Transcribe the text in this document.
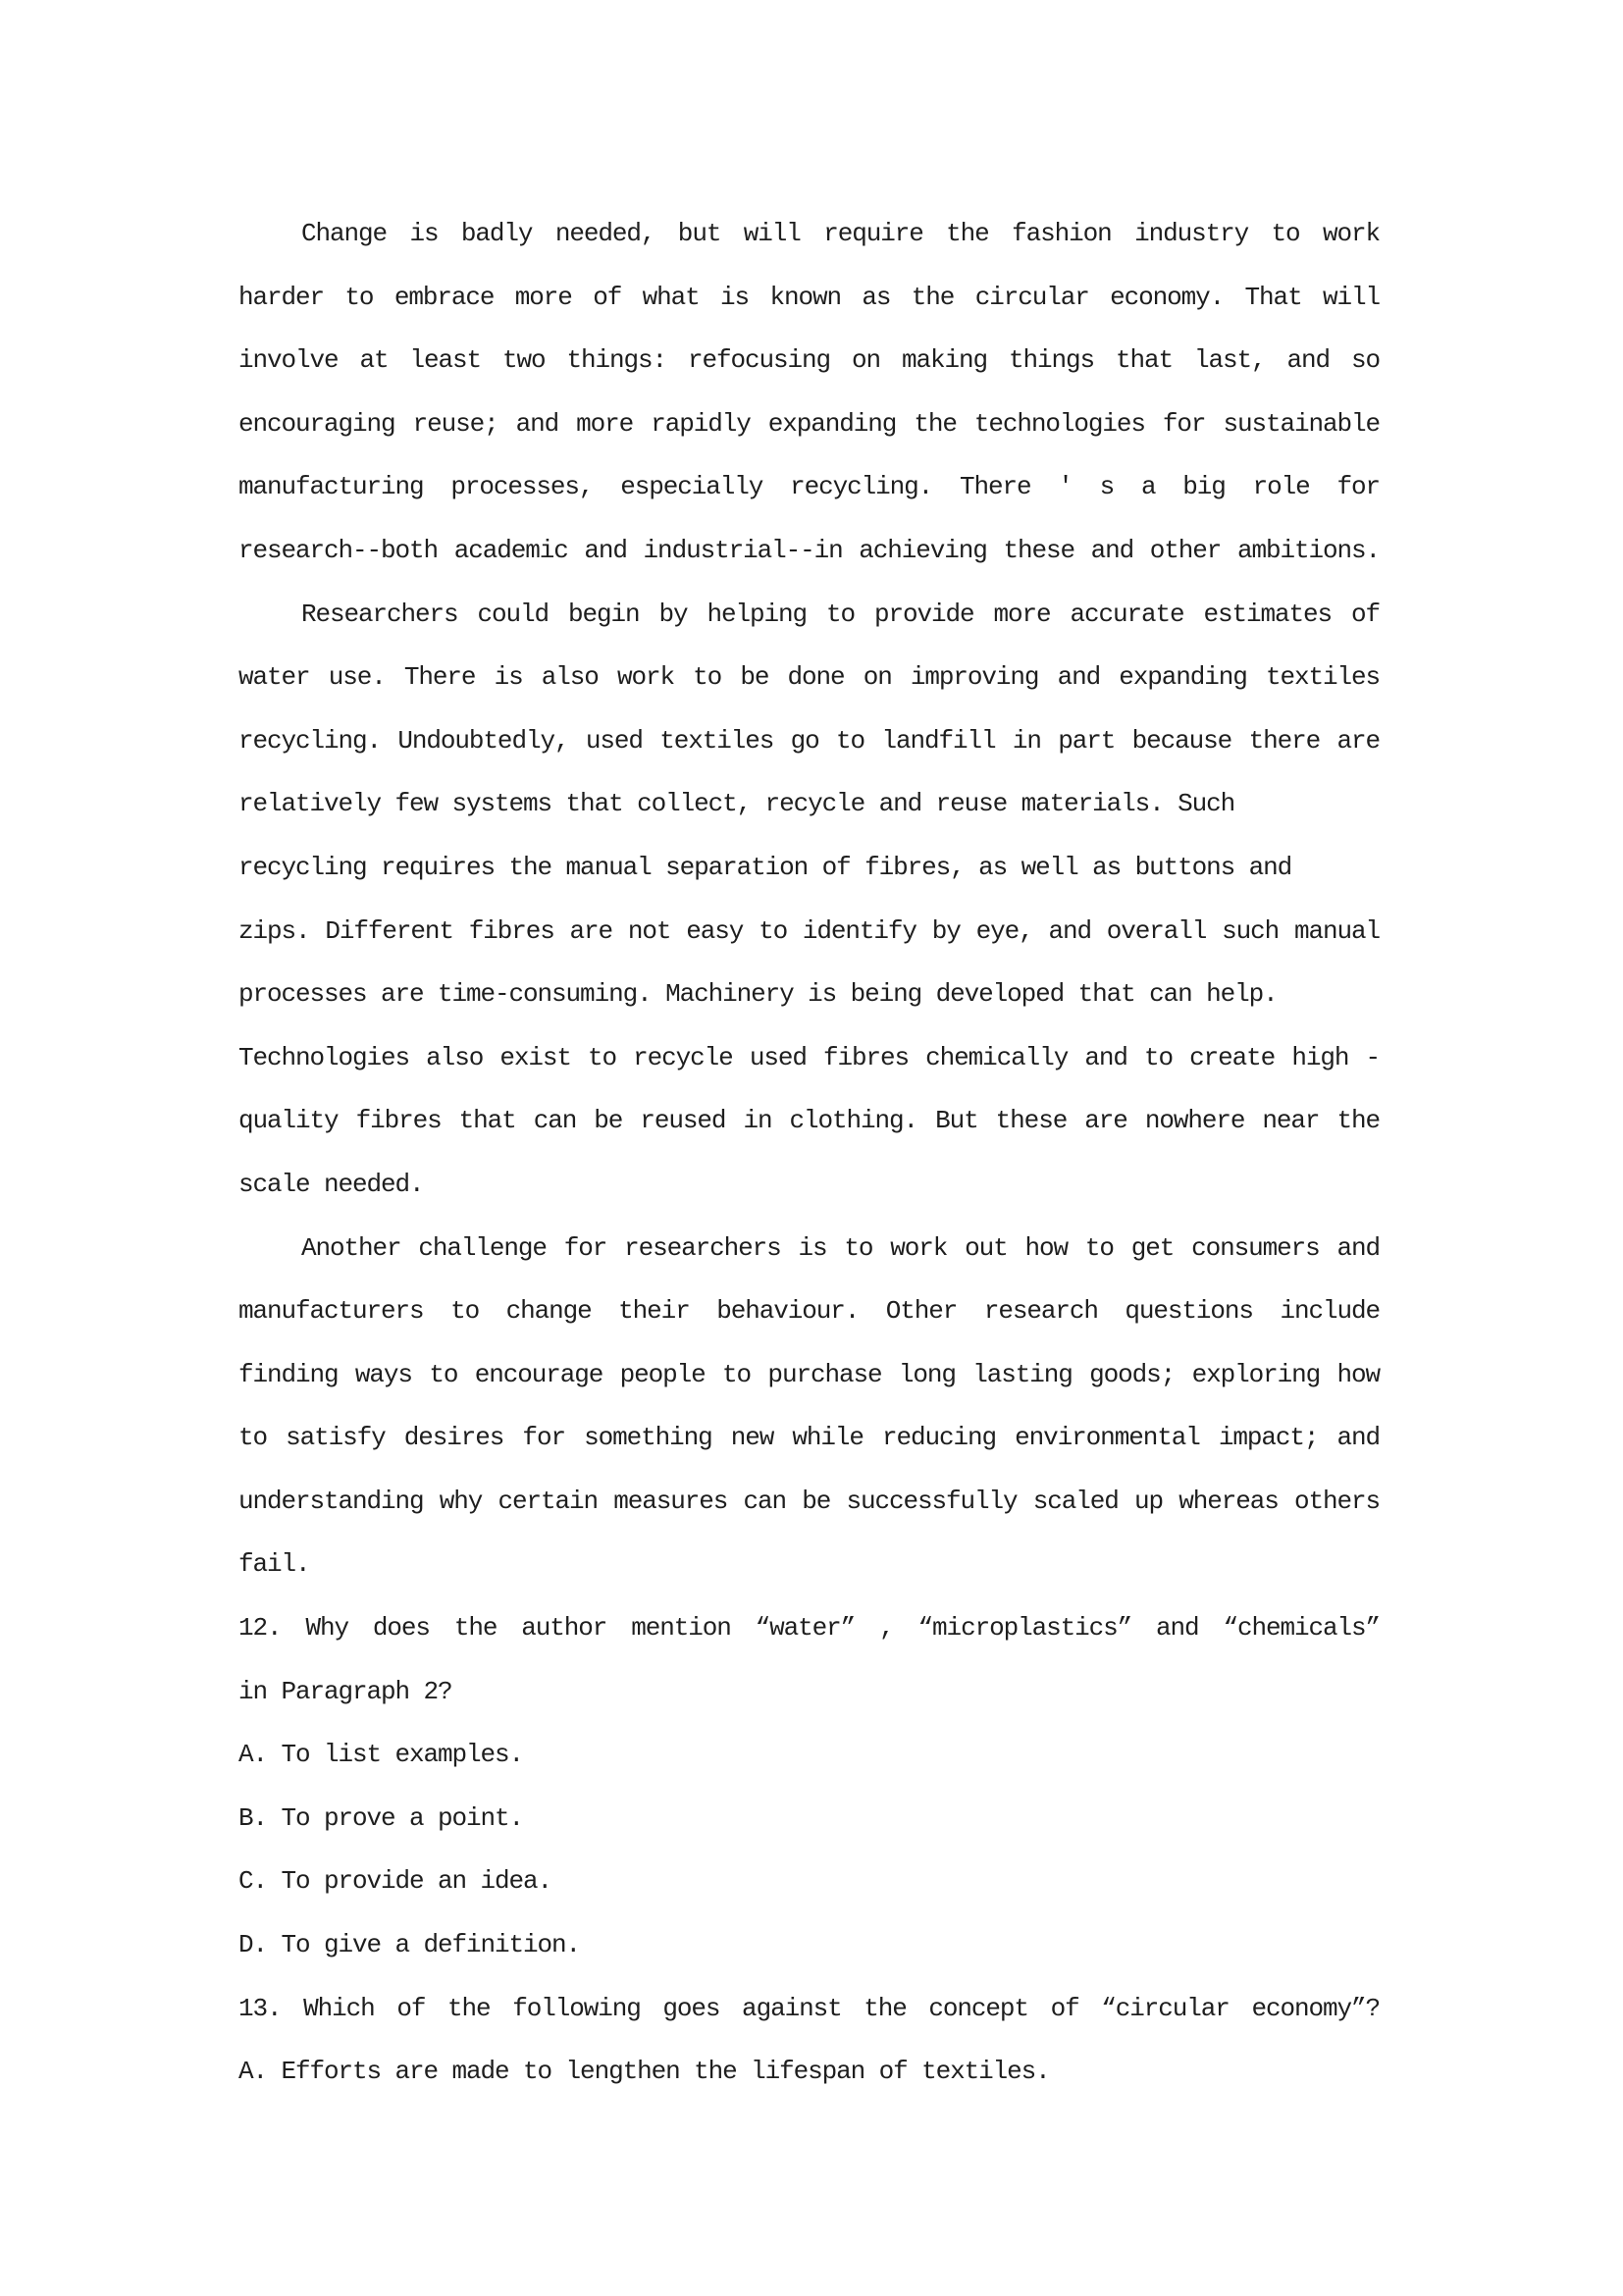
Change is badly needed, but will require the fashion industry to work
harder to embrace more of what is known as the circular economy. That will
involve at least two things: refocusing on making things that last, and so
encouraging reuse; and more rapidly expanding the technologies for sustainable
manufacturing processes, especially recycling. There ' s a big role for
research--both academic and industrial--in achieving these and other ambitions.
Researchers could begin by helping to provide more accurate estimates of
water use. There is also work to be done on improving and expanding textiles
recycling. Undoubtedly, used textiles go to landfill in part because there are
relatively few systems that collect, recycle and reuse materials. Such
recycling requires the manual separation of fibres, as well as buttons and
zips. Different fibres are not easy to identify by eye, and overall such manual
processes are time-consuming. Machinery is being developed that can help.
Technologies also exist to recycle used fibres chemically and to create high -
quality fibres that can be reused in clothing. But these are nowhere near the
scale needed.
Another challenge for researchers is to work out how to get consumers and
manufacturers to change their behaviour. Other research questions include
finding ways to encourage people to purchase long lasting goods; exploring how
to satisfy desires for something new while reducing environmental impact; and
understanding why certain measures can be successfully scaled up whereas others
fail.
12. Why does the author mention “water” , “microplastics” and “chemicals”
in Paragraph 2?
A. To list examples.
B. To prove a point.
C. To provide an idea.
D. To give a definition.
13. Which of the following goes against the concept of “circular economy”?
A. Efforts are made to lengthen the lifespan of textiles.
